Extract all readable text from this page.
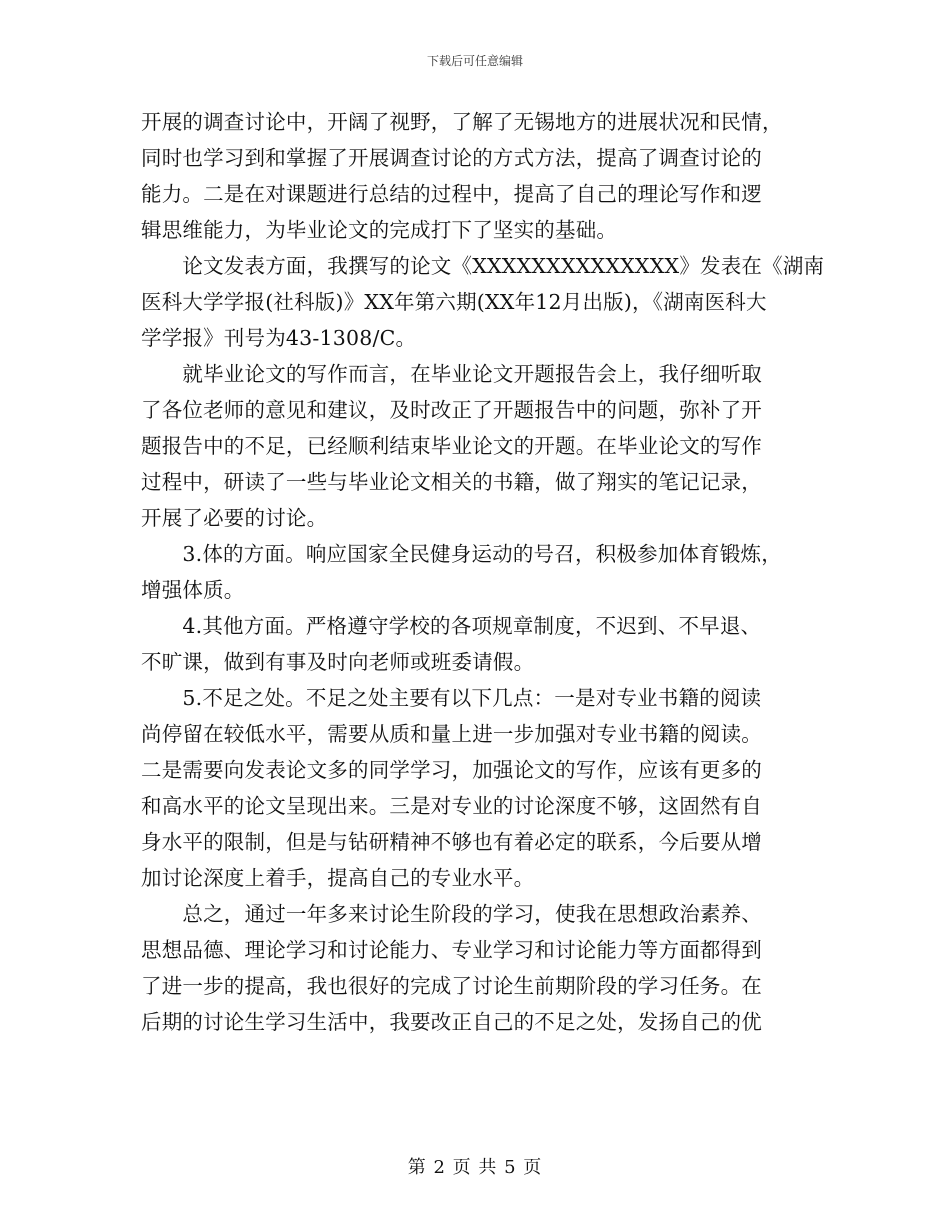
下载后可任意编辑
开展的调查讨论中，开阔了视野，了解了无锡地方的进展状况和民情，
同时也学习到和掌握了开展调查讨论的方式方法，提高了调查讨论的
能力。二是在对课题进行总结的过程中，提高了自己的理论写作和逻
辑思维能力，为毕业论文的完成打下了坚实的基础。
　　论文发表方面，我撰写的论文《XXXXXXXXXXXXXX》发表在《湖南
医科大学学报(社科版)》XX年第六期(XX年12月出版)，《湖南医科大
学学报》刊号为43-1308/C。
　　就毕业论文的写作而言，在毕业论文开题报告会上，我仔细听取
了各位老师的意见和建议，及时改正了开题报告中的问题，弥补了开
题报告中的不足，已经顺利结束毕业论文的开题。在毕业论文的写作
过程中，研读了一些与毕业论文相关的书籍，做了翔实的笔记记录，
开展了必要的讨论。
　　3.体的方面。响应国家全民健身运动的号召，积极参加体育锻炼，
增强体质。
　　4.其他方面。严格遵守学校的各项规章制度，不迟到、不早退、
不旷课，做到有事及时向老师或班委请假。
　　5.不足之处。不足之处主要有以下几点：一是对专业书籍的阅读
尚停留在较低水平，需要从质和量上进一步加强对专业书籍的阅读。
二是需要向发表论文多的同学学习，加强论文的写作，应该有更多的
和高水平的论文呈现出来。三是对专业的讨论深度不够，这固然有自
身水平的限制，但是与钻研精神不够也有着必定的联系，今后要从增
加讨论深度上着手，提高自己的专业水平。
　　总之，通过一年多来讨论生阶段的学习，使我在思想政治素养、
思想品德、理论学习和讨论能力、专业学习和讨论能力等方面都得到
了进一步的提高，我也很好的完成了讨论生前期阶段的学习任务。在
后期的讨论生学习生活中，我要改正自己的不足之处，发扬自己的优
第 2 页 共 5 页
